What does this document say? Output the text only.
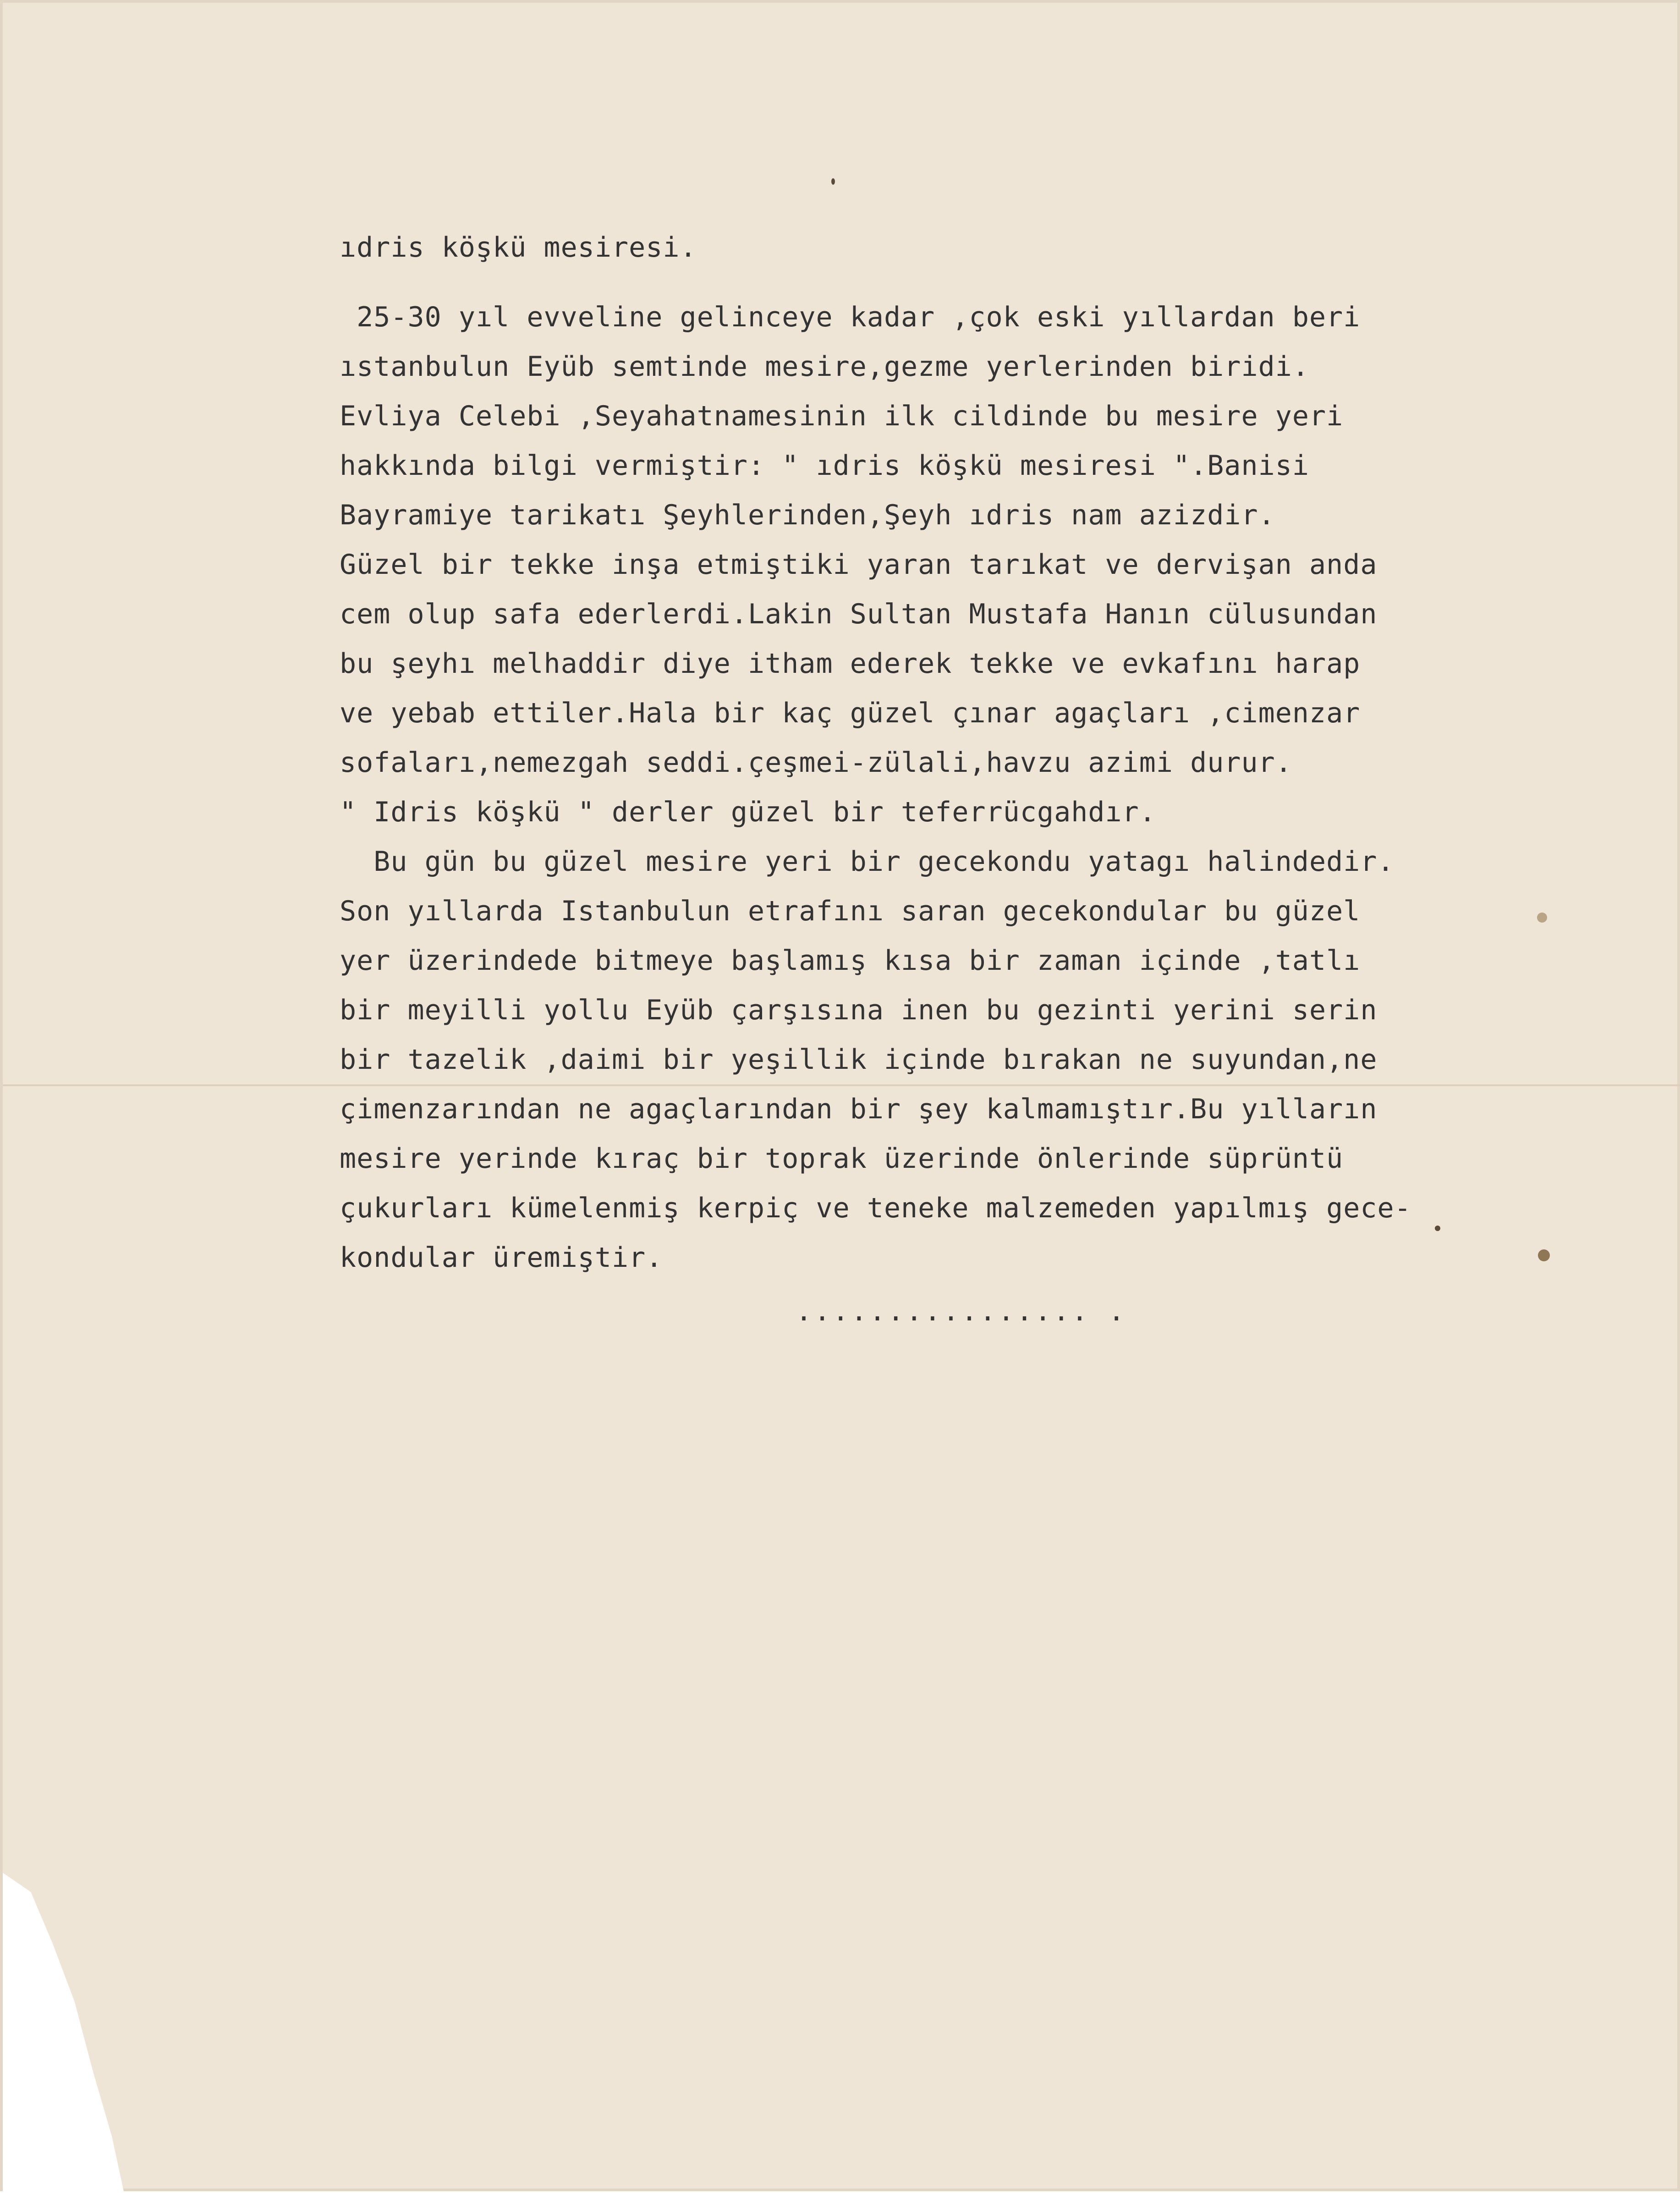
ıdris köşkü mesiresi.
25-30 yıl evveline gelinceye kadar ,çok eski yıllardan beri
ıstanbulun Eyüb semtinde mesire,gezme yerlerinden biridi.
Evliya Celebi ,Seyahatnamesinin ilk cildinde bu mesire yeri
hakkında bilgi vermiştir: " ıdris köşkü mesiresi ".Banisi
Bayramiye tarikatı Şeyhlerinden,Şeyh ıdris nam azizdir.
Güzel bir tekke inşa etmiştiki yaran tarıkat ve dervişan anda
cem olup safa ederlerdi.Lakin Sultan Mustafa Hanın cülusundan
bu şeyhı melhaddir diye itham ederek tekke ve evkafını harap
ve yebab ettiler.Hala bir kaç güzel çınar agaçları ,cimenzar
sofaları,nemezgah seddi.çeşmei-zülali,havzu azimi durur.
" Idris köşkü " derler güzel bir teferrücgahdır.
Bu gün bu güzel mesire yeri bir gecekondu yatagı halindedir.
Son yıllarda Istanbulun etrafını saran gecekondular bu güzel
yer üzerindede bitmeye başlamış kısa bir zaman içinde ,tatlı
bir meyilli yollu Eyüb çarşısına inen bu gezinti yerini serin
bir tazelik ,daimi bir yeşillik içinde bırakan ne suyundan,ne
çimenzarından ne agaçlarından bir şey kalmamıştır.Bu yılların
mesire yerinde kıraç bir toprak üzerinde önlerinde süprüntü
çukurları kümelenmiş kerpiç ve teneke malzemeden yapılmış gece-
kondular üremiştir.
................ .
